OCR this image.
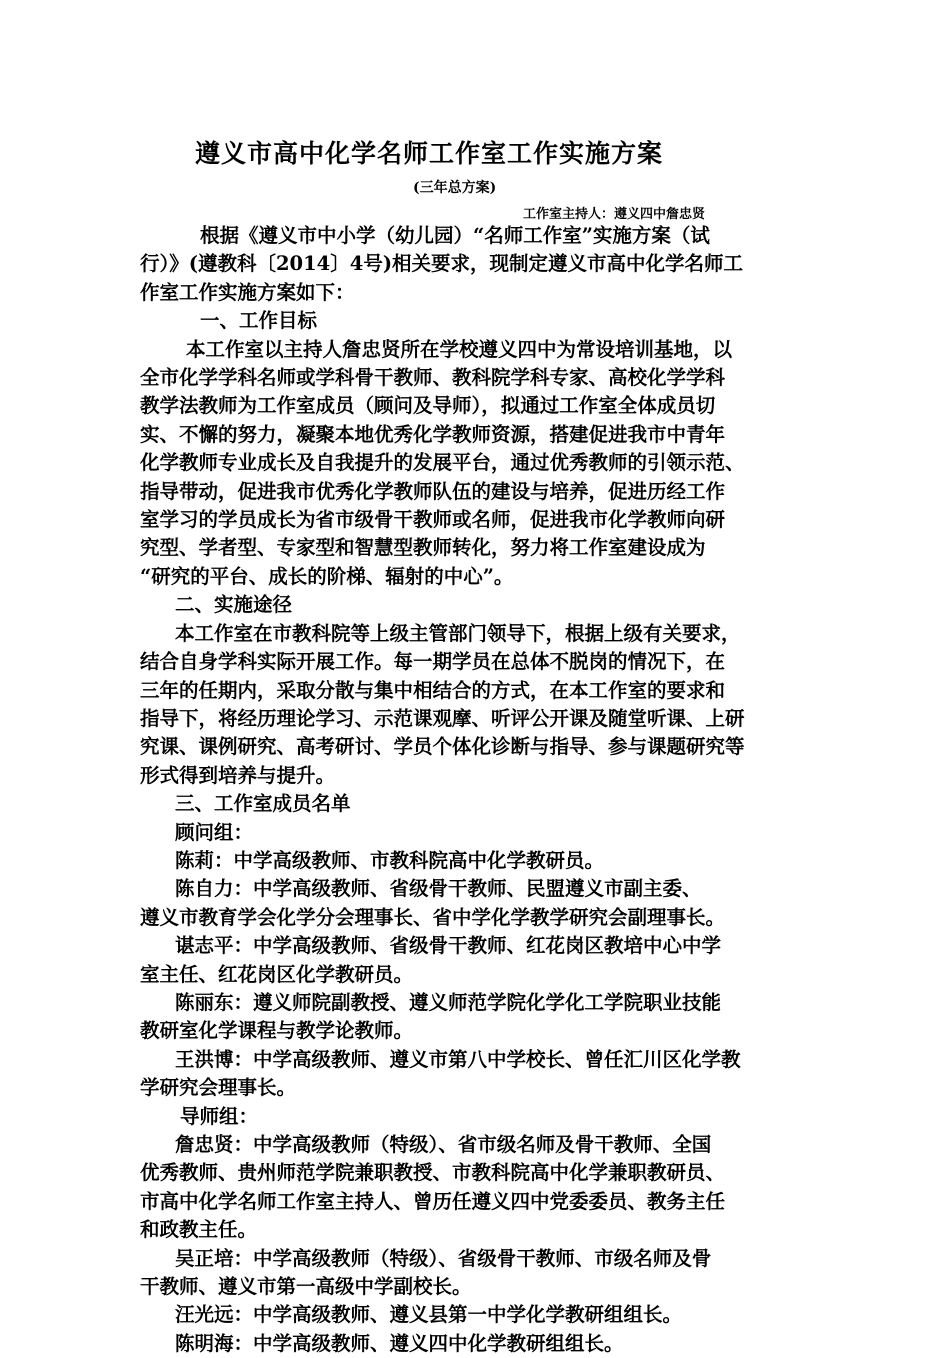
遵义市高中化学名师工作室工作实施方案
(三年总方案)
工作室主持人：遵义四中詹忠贤

根据《遵义市中小学（幼儿园）“名师工作室”实施方案（试

行）》(遵教科〔2014〕4号)相关要求，现制定遵义市高中化学名师工

作室工作实施方案如下：

一、工作目标

本工作室以主持人詹忠贤所在学校遵义四中为常设培训基地，以

全市化学学科名师或学科骨干教师、教科院学科专家、高校化学学科

教学法教师为工作室成员（顾问及导师），拟通过工作室全体成员切

实、不懈的努力，凝聚本地优秀化学教师资源，搭建促进我市中青年

化学教师专业成长及自我提升的发展平台，通过优秀教师的引领示范、

指导带动，促进我市优秀化学教师队伍的建设与培养，促进历经工作

室学习的学员成长为省市级骨干教师或名师，促进我市化学教师向研

究型、学者型、专家型和智慧型教师转化，努力将工作室建设成为

“研究的平台、成长的阶梯、辐射的中心”。

二、实施途径

本工作室在市教科院等上级主管部门领导下，根据上级有关要求，

结合自身学科实际开展工作。每一期学员在总体不脱岗的情况下，在

三年的任期内，采取分散与集中相结合的方式，在本工作室的要求和

指导下，将经历理论学习、示范课观摩、听评公开课及随堂听课、上研

究课、课例研究、高考研讨、学员个体化诊断与指导、参与课题研究等

形式得到培养与提升。

三、工作室成员名单

顾问组：

陈莉：中学高级教师、市教科院高中化学教研员。

陈自力：中学高级教师、省级骨干教师、民盟遵义市副主委、

遵义市教育学会化学分会理事长、省中学化学教学研究会副理事长。

谌志平：中学高级教师、省级骨干教师、红花岗区教培中心中学

室主任、红花岗区化学教研员。

陈丽东：遵义师院副教授、遵义师范学院化学化工学院职业技能

教研室化学课程与教学论教师。

王洪博：中学高级教师、遵义市第八中学校长、曾任汇川区化学教

学研究会理事长。

导师组：

詹忠贤：中学高级教师（特级）、省市级名师及骨干教师、全国

优秀教师、贵州师范学院兼职教授、市教科院高中化学兼职教研员、

市高中化学名师工作室主持人、曾历任遵义四中党委委员、教务主任

和政教主任。

吴正培：中学高级教师（特级）、省级骨干教师、市级名师及骨

干教师、遵义市第一高级中学副校长。

汪光远：中学高级教师、遵义县第一中学化学教研组组长。

陈明海：中学高级教师、遵义四中化学教研组组长。
